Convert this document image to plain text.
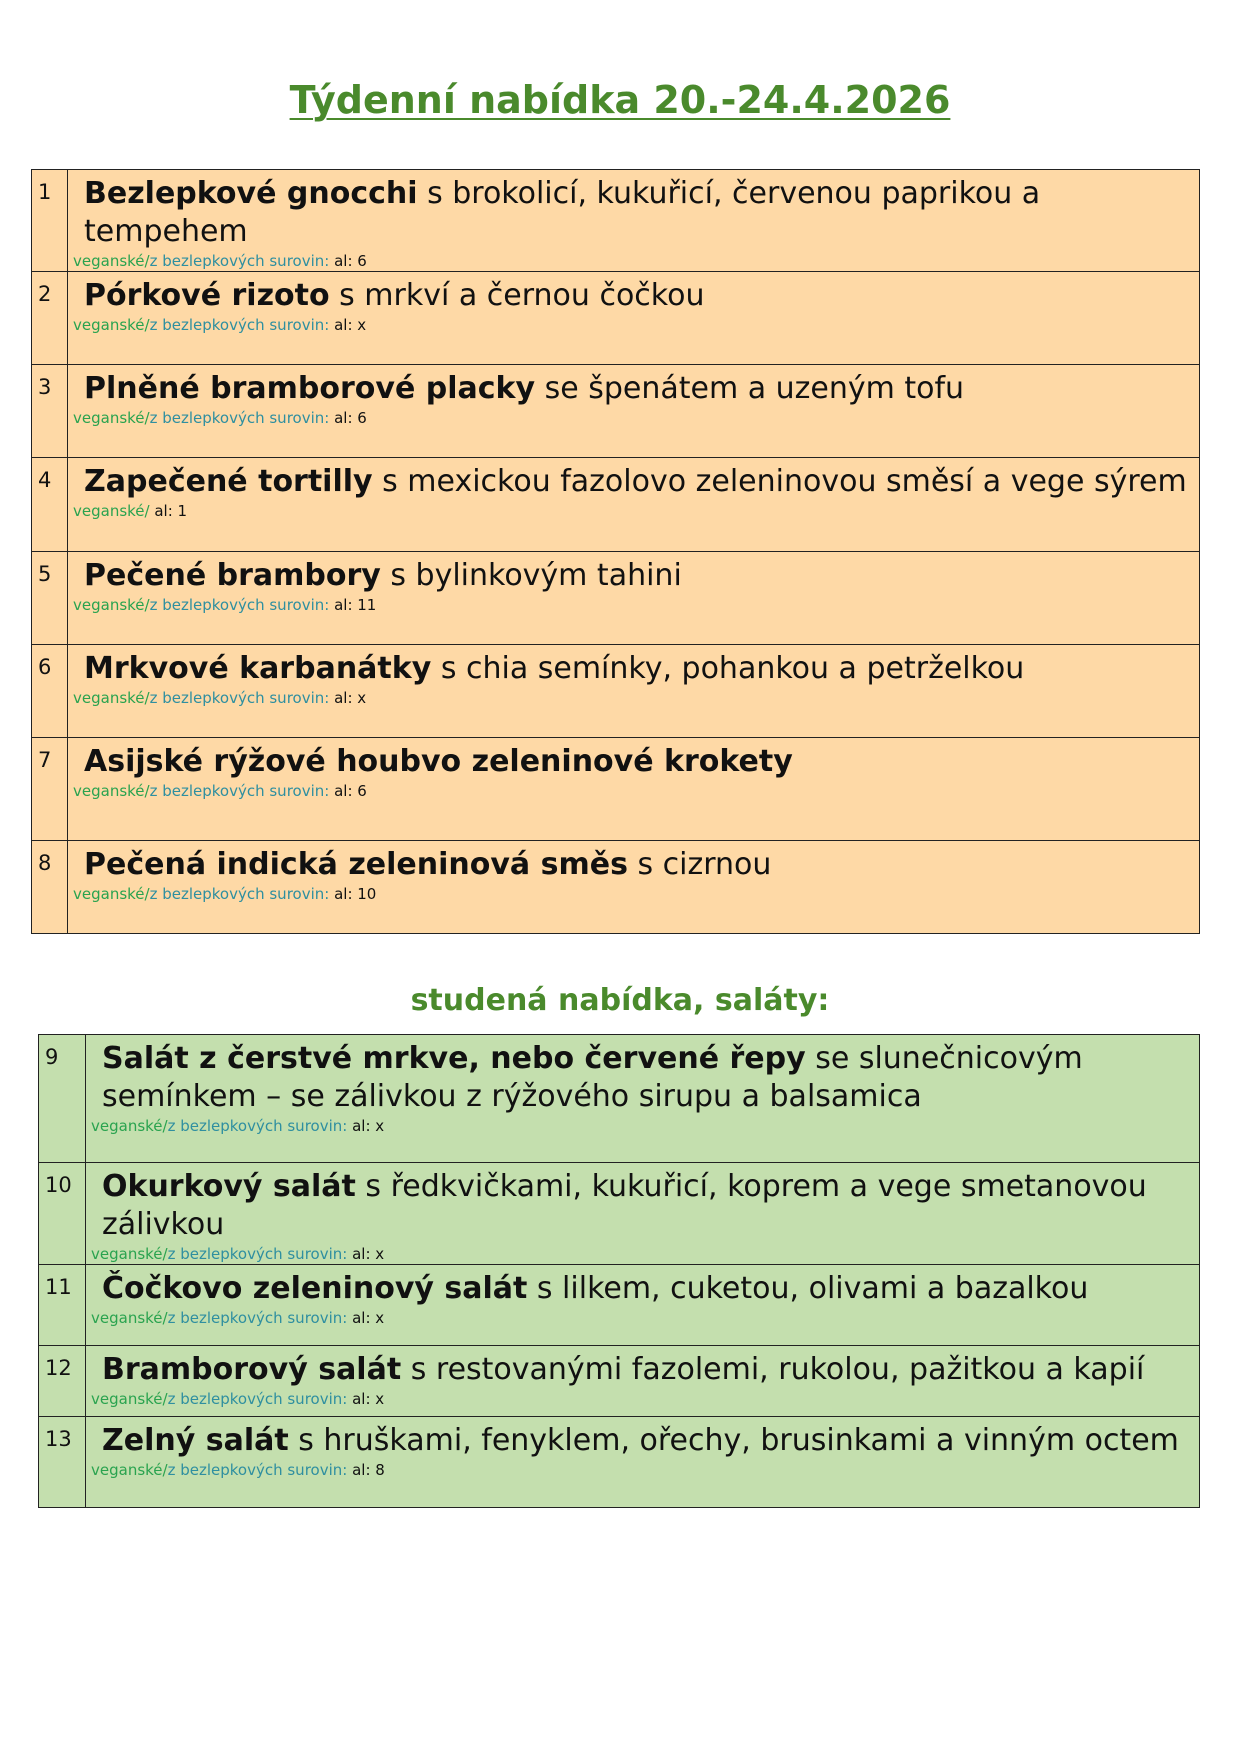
Týdenní nabídka 20.-24.4.2026
1	Bezlepkové gnocchi s brokolicí, kukuřicí, červenou paprikou a tempehem
veganské/z bezlepkových surovin: al: 6

2	Pórkové rizoto s mrkví a černou čočkou
veganské/z bezlepkových surovin: al: x

3	Plněné bramborové placky se špenátem a uzeným tofu
veganské/z bezlepkových surovin: al: 6

4	Zapečené tortilly s mexickou fazolovo zeleninovou směsí a vege sýrem
veganské/ al: 1

5	Pečené brambory s bylinkovým tahini
veganské/z bezlepkových surovin: al: 11

6	Mrkvové karbanátky s chia semínky, pohankou a petrželkou
veganské/z bezlepkových surovin: al: x

7	Asijské rýžové houbvo zeleninové krokety
veganské/z bezlepkových surovin: al: 6

8	Pečená indická zeleninová směs s cizrnou
veganské/z bezlepkových surovin: al: 10
studená nabídka, saláty:
9	Salát z čerstvé mrkve, nebo červené řepy se slunečnicovým semínkem – se zálivkou z rýžového sirupu a balsamica
veganské/z bezlepkových surovin: al: x

10	Okurkový salát s ředkvičkami, kukuřicí, koprem a vege smetanovou zálivkou
veganské/z bezlepkových surovin: al: x

11	Čočkovo zeleninový salát s lilkem, cuketou, olivami a bazalkou
veganské/z bezlepkových surovin: al: x

12	Bramborový salát s restovanými fazolemi, rukolou, pažitkou a kapií
veganské/z bezlepkových surovin: al: x

13	Zelný salát s hruškami, fenyklem, ořechy, brusinkami a vinným octem
veganské/z bezlepkových surovin: al: 8
